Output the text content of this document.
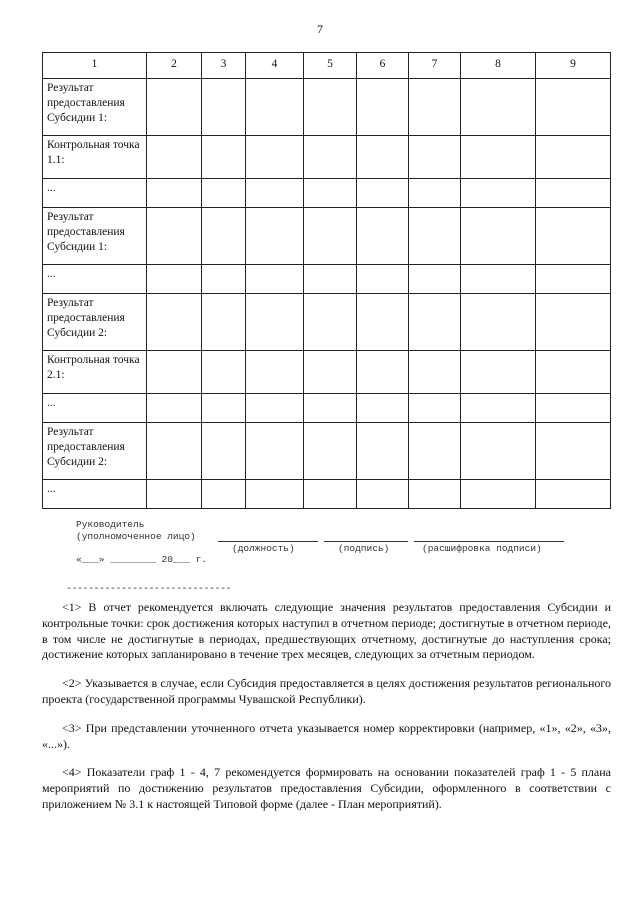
7
1	2	3	4	5	6	7	8	9
Результат предоставления Субсидии 1:								
Контрольная точка 1.1:								
...								
Результат предоставления Субсидии 1:								
...								
Результат предоставления Субсидии 2:								
Контрольная точка 2.1:								
...								
Результат предоставления Субсидии 2:								
...								
Руководитель
(уполномоченное лицо)
(должность)	(подпись)	(расшифровка подписи)
«___» ________ 20___ г.
------------------------------

<1> В отчет рекомендуется включать следующие значения результатов предоставления Субсидии и контрольные точки: срок достижения которых наступил в отчетном периоде; достигнутые в отчетном периоде, в том числе не достигнутые в периодах, предшествующих отчетному, достигнутые до наступления срока; достижение которых запланировано в течение трех месяцев, следующих за отчетным периодом.

<2> Указывается в случае, если Субсидия предоставляется в целях достижения результатов регионального проекта (государственной программы Чувашской Республики).

<3> При представлении уточненного отчета указывается номер корректировки (например, «1», «2», «3», «...»).

<4> Показатели граф 1 - 4, 7 рекомендуется формировать на основании показателей граф 1 - 5 плана мероприятий по достижению результатов предоставления Субсидии, оформленного в соответствии с приложением № 3.1 к настоящей Типовой форме (далее - План мероприятий).
